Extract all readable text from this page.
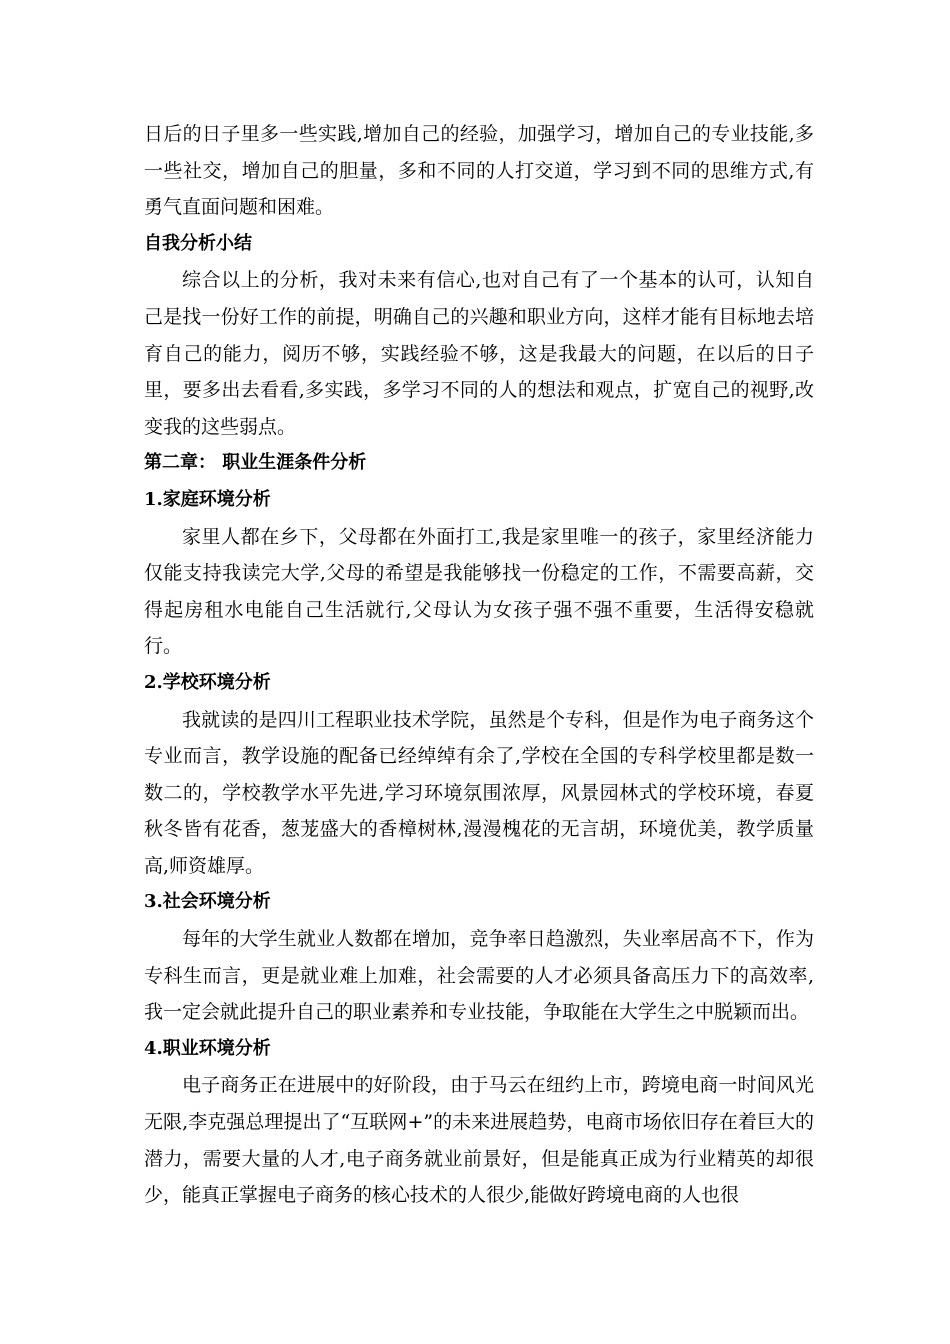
日后的日子里多一些实践,增加自己的经验，加强学习，增加自己的专业技能,多一些社交，增加自己的胆量，多和不同的人打交道，学习到不同的思维方式,有勇气直面问题和困难。

自我分析小结

综合以上的分析，我对未来有信心,也对自己有了一个基本的认可，认知自己是找一份好工作的前提，明确自己的兴趣和职业方向，这样才能有目标地去培育自己的能力，阅历不够，实践经验不够，这是我最大的问题，在以后的日子里，要多出去看看,多实践，多学习不同的人的想法和观点，扩宽自己的视野,改变我的这些弱点。

第二章： 职业生涯条件分析

1.家庭环境分析

家里人都在乡下，父母都在外面打工,我是家里唯一的孩子，家里经济能力仅能支持我读完大学,父母的希望是我能够找一份稳定的工作，不需要高薪，交得起房租水电能自己生活就行,父母认为女孩子强不强不重要，生活得安稳就行。

2.学校环境分析

我就读的是四川工程职业技术学院，虽然是个专科，但是作为电子商务这个专业而言，教学设施的配备已经绰绰有余了,学校在全国的专科学校里都是数一数二的，学校教学水平先进,学习环境氛围浓厚，风景园林式的学校环境，春夏秋冬皆有花香，葱茏盛大的香樟树林,漫漫槐花的无言胡，环境优美，教学质量高,师资雄厚。

3.社会环境分析

每年的大学生就业人数都在增加，竞争率日趋激烈，失业率居高不下，作为专科生而言，更是就业难上加难，社会需要的人才必须具备高压力下的高效率,我一定会就此提升自己的职业素养和专业技能，争取能在大学生之中脱颖而出。

4.职业环境分析

电子商务正在进展中的好阶段，由于马云在纽约上市，跨境电商一时间风光无限,李克强总理提出了“互联网+”的未来进展趋势，电商市场依旧存在着巨大的潜力，需要大量的人才,电子商务就业前景好，但是能真正成为行业精英的却很少，能真正掌握电子商务的核心技术的人很少,能做好跨境电商的人也很
